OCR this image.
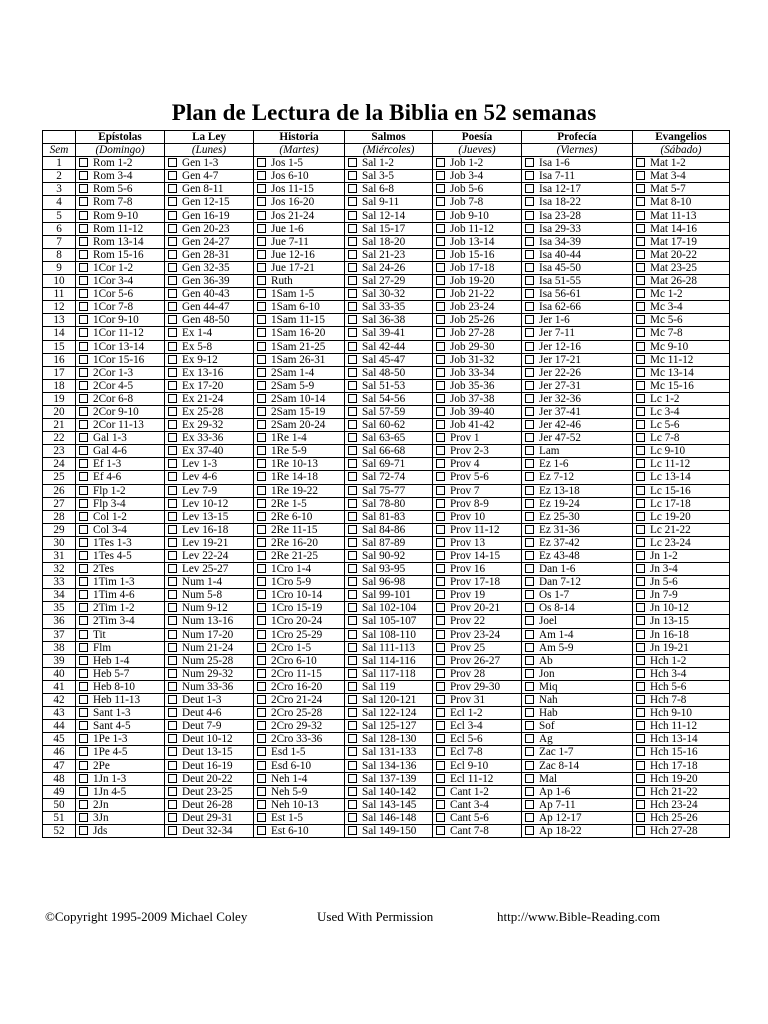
Plan de Lectura de la Biblia en 52 semanas
	Epístolas	La Ley	Historia	Salmos	Poesía	Profecía	Evangelios
Sem	(Domingo)	(Lunes)	(Martes)	(Miércoles)	(Jueves)	(Viernes)	(Sábado)
1	Rom 1-2	Gen 1-3	Jos 1-5	Sal 1-2	Job 1-2	Isa 1-6	Mat 1-2
2	Rom 3-4	Gen 4-7	Jos 6-10	Sal 3-5	Job 3-4	Isa 7-11	Mat 3-4
3	Rom 5-6	Gen 8-11	Jos 11-15	Sal 6-8	Job 5-6	Isa 12-17	Mat 5-7
4	Rom 7-8	Gen 12-15	Jos 16-20	Sal 9-11	Job 7-8	Isa 18-22	Mat 8-10
5	Rom 9-10	Gen 16-19	Jos 21-24	Sal 12-14	Job 9-10	Isa 23-28	Mat 11-13
6	Rom 11-12	Gen 20-23	Jue 1-6	Sal 15-17	Job 11-12	Isa 29-33	Mat 14-16
7	Rom 13-14	Gen 24-27	Jue 7-11	Sal 18-20	Job 13-14	Isa 34-39	Mat 17-19
8	Rom 15-16	Gen 28-31	Jue 12-16	Sal 21-23	Job 15-16	Isa 40-44	Mat 20-22
9	1Cor 1-2	Gen 32-35	Jue 17-21	Sal 24-26	Job 17-18	Isa 45-50	Mat 23-25
10	1Cor 3-4	Gen 36-39	Ruth	Sal 27-29	Job 19-20	Isa 51-55	Mat 26-28
11	1Cor 5-6	Gen 40-43	1Sam 1-5	Sal 30-32	Job 21-22	Isa 56-61	Mc 1-2
12	1Cor 7-8	Gen 44-47	1Sam 6-10	Sal 33-35	Job 23-24	Isa 62-66	Mc 3-4
13	1Cor 9-10	Gen 48-50	1Sam 11-15	Sal 36-38	Job 25-26	Jer 1-6	Mc 5-6
14	1Cor 11-12	Ex 1-4	1Sam 16-20	Sal 39-41	Job 27-28	Jer 7-11	Mc 7-8
15	1Cor 13-14	Ex 5-8	1Sam 21-25	Sal 42-44	Job 29-30	Jer 12-16	Mc 9-10
16	1Cor 15-16	Ex 9-12	1Sam 26-31	Sal 45-47	Job 31-32	Jer 17-21	Mc 11-12
17	2Cor 1-3	Ex 13-16	2Sam 1-4	Sal 48-50	Job 33-34	Jer 22-26	Mc 13-14
18	2Cor 4-5	Ex 17-20	2Sam 5-9	Sal 51-53	Job 35-36	Jer 27-31	Mc 15-16
19	2Cor 6-8	Ex 21-24	2Sam 10-14	Sal 54-56	Job 37-38	Jer 32-36	Lc 1-2
20	2Cor 9-10	Ex 25-28	2Sam 15-19	Sal 57-59	Job 39-40	Jer 37-41	Lc 3-4
21	2Cor 11-13	Ex 29-32	2Sam 20-24	Sal 60-62	Job 41-42	Jer 42-46	Lc 5-6
22	Gal 1-3	Ex 33-36	1Re 1-4	Sal 63-65	Prov 1	Jer 47-52	Lc 7-8
23	Gal 4-6	Ex 37-40	1Re 5-9	Sal 66-68	Prov 2-3	Lam	Lc 9-10
24	Ef 1-3	Lev 1-3	1Re 10-13	Sal 69-71	Prov 4	Ez 1-6	Lc 11-12
25	Ef 4-6	Lev 4-6	1Re 14-18	Sal 72-74	Prov 5-6	Ez 7-12	Lc 13-14
26	Flp 1-2	Lev 7-9	1Re 19-22	Sal 75-77	Prov 7	Ez 13-18	Lc 15-16
27	Flp 3-4	Lev 10-12	2Re 1-5	Sal 78-80	Prov 8-9	Ez 19-24	Lc 17-18
28	Col 1-2	Lev 13-15	2Re 6-10	Sal 81-83	Prov 10	Ez 25-30	Lc 19-20
29	Col 3-4	Lev 16-18	2Re 11-15	Sal 84-86	Prov 11-12	Ez 31-36	Lc 21-22
30	1Tes 1-3	Lev 19-21	2Re 16-20	Sal 87-89	Prov 13	Ez 37-42	Lc 23-24
31	1Tes 4-5	Lev 22-24	2Re 21-25	Sal 90-92	Prov 14-15	Ez 43-48	Jn 1-2
32	2Tes	Lev 25-27	1Cro 1-4	Sal 93-95	Prov 16	Dan 1-6	Jn 3-4
33	1Tim 1-3	Num 1-4	1Cro 5-9	Sal 96-98	Prov 17-18	Dan 7-12	Jn 5-6
34	1Tim 4-6	Num 5-8	1Cro 10-14	Sal 99-101	Prov 19	Os 1-7	Jn 7-9
35	2Tim 1-2	Num 9-12	1Cro 15-19	Sal 102-104	Prov 20-21	Os 8-14	Jn 10-12
36	2Tim 3-4	Num 13-16	1Cro 20-24	Sal 105-107	Prov 22	Joel	Jn 13-15
37	Tit	Num 17-20	1Cro 25-29	Sal 108-110	Prov 23-24	Am 1-4	Jn 16-18
38	Flm	Num 21-24	2Cro 1-5	Sal 111-113	Prov 25	Am 5-9	Jn 19-21
39	Heb 1-4	Num 25-28	2Cro 6-10	Sal 114-116	Prov 26-27	Ab	Hch 1-2
40	Heb 5-7	Num 29-32	2Cro 11-15	Sal 117-118	Prov 28	Jon	Hch 3-4
41	Heb 8-10	Num 33-36	2Cro 16-20	Sal 119	Prov 29-30	Miq	Hch 5-6
42	Heb 11-13	Deut 1-3	2Cro 21-24	Sal 120-121	Prov 31	Nah	Hch 7-8
43	Sant 1-3	Deut 4-6	2Cro 25-28	Sal 122-124	Ecl 1-2	Hab	Hch 9-10
44	Sant 4-5	Deut 7-9	2Cro 29-32	Sal 125-127	Ecl 3-4	Sof	Hch 11-12
45	1Pe 1-3	Deut 10-12	2Cro 33-36	Sal 128-130	Ecl 5-6	Ag	Hch 13-14
46	1Pe 4-5	Deut 13-15	Esd 1-5	Sal 131-133	Ecl 7-8	Zac 1-7	Hch 15-16
47	2Pe	Deut 16-19	Esd 6-10	Sal 134-136	Ecl 9-10	Zac 8-14	Hch 17-18
48	1Jn 1-3	Deut 20-22	Neh 1-4	Sal 137-139	Ecl 11-12	Mal	Hch 19-20
49	1Jn 4-5	Deut 23-25	Neh 5-9	Sal 140-142	Cant 1-2	Ap 1-6	Hch 21-22
50	2Jn	Deut 26-28	Neh 10-13	Sal 143-145	Cant 3-4	Ap 7-11	Hch 23-24
51	3Jn	Deut 29-31	Est 1-5	Sal 146-148	Cant 5-6	Ap 12-17	Hch 25-26
52	Jds	Deut 32-34	Est 6-10	Sal 149-150	Cant 7-8	Ap 18-22	Hch 27-28
©Copyright 1995-2009 Michael Coley	Used With Permission	http://www.Bible-Reading.com
